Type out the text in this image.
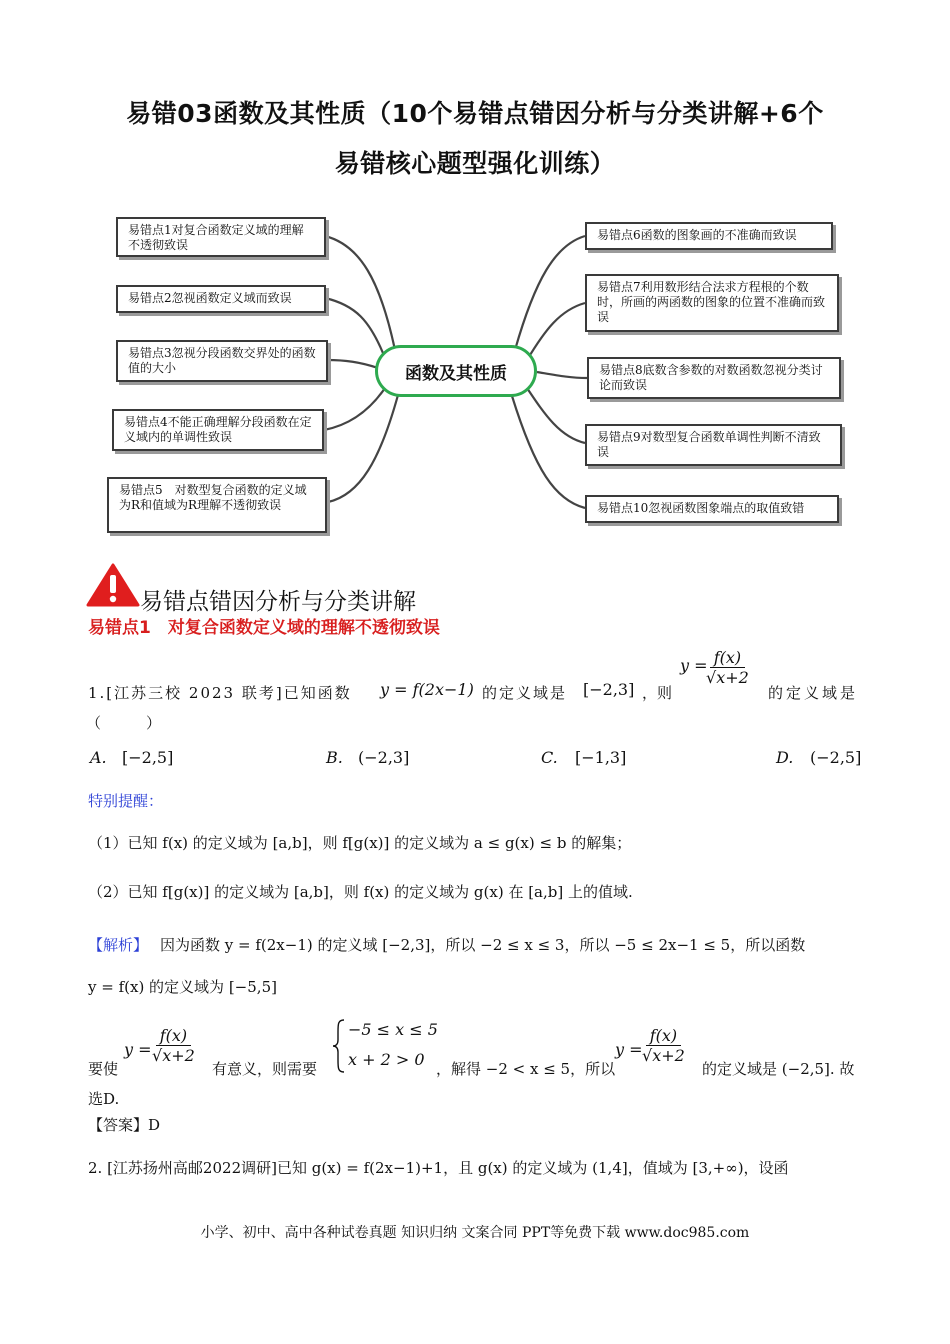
易错03函数及其性质（10个易错点错因分析与分类讲解+6个
易错核心题型强化训练）
函数及其性质
易错点1对复合函数定义域的理解不透彻致误
易错点2忽视函数定义域而致误
易错点3忽视分段函数交界处的函数值的大小
易错点4不能正确理解分段函数在定义域内的单调性致误
易错点5　对数型复合函数的定义域为R和值域为R理解不透彻致误
易错点6函数的图象画的不准确而致误
易错点7利用数形结合法求方程根的个数时，所画的两函数的图象的位置不准确而致误
易错点8底数含参数的对数函数忽视分类讨论而致误
易错点9对数型复合函数单调性判断不清致误
易错点10忽视函数图象端点的取值致错
易错点错因分析与分类讲解
易错点1　对复合函数定义域的理解不透彻致误
1.[江苏三校 2023 联考]已知函数 y = f(2x−1) 的定义域是 [−2,3] ，则
y =
$\frac{f(x)}{√x+2}$
的定义域是
（　　　）
A. [−2,5]	B. (−2,3]	C. [−1,3]	D. (−2,5]
特别提醒：
（1）已知 f(x) 的定义域为 [a,b]，则 f[g(x)] 的定义域为 a ≤ g(x) ≤ b 的解集；
（2）已知 f[g(x)] 的定义域为 [a,b]，则 f(x) 的定义域为 g(x) 在 [a,b] 上的值域.
【解析】 因为函数 y = f(2x−1) 的定义域 [−2,3]，所以 −2 ≤ x ≤ 3，所以 −5 ≤ 2x−1 ≤ 5，所以函数
y = f(x) 的定义域为 [−5,5]
要使
$y = \frac{f(x)}{√x+2}$
有意义，则需要
−5 ≤ x ≤ 5
x + 2 > 0 ，解得 −2 < x ≤ 5，所以
$y = \frac{f(x)}{√x+2}$
的定义域是 (−2,5]. 故
选D.
【答案】D
2. [江苏扬州高邮2022调研]已知 g(x) = f(2x−1)+1，且 g(x) 的定义域为 (1,4]，值域为 [3,+∞)，设函
小学、初中、高中各种试卷真题 知识归纳 文案合同 PPT等免费下载 www.doc985.com
